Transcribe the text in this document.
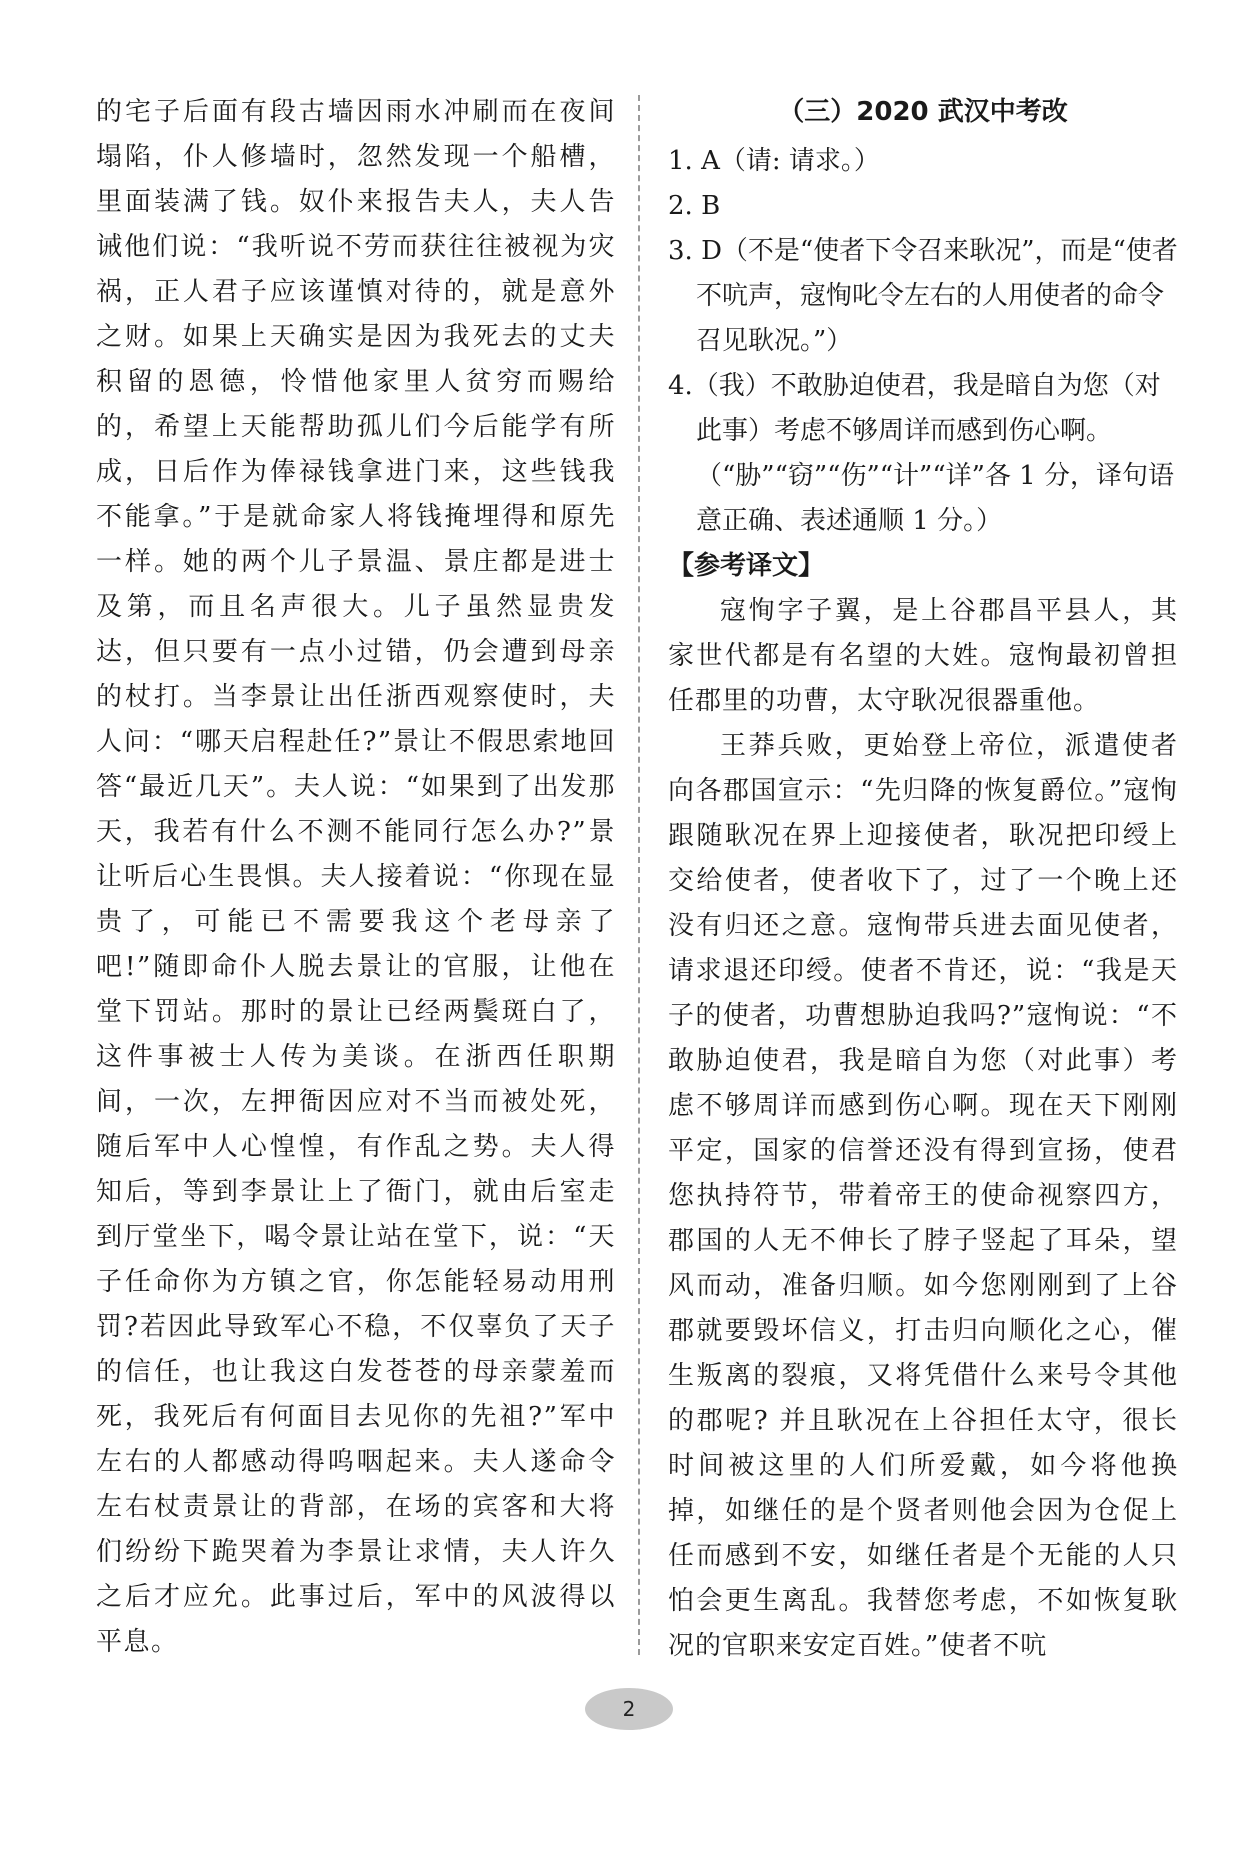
的宅子后面有段古墙因雨水冲刷而在夜间塌陷，仆人修墙时，忽然发现一个船槽，里面装满了钱。奴仆来报告夫人，夫人告诫他们说：“我听说不劳而获往往被视为灾祸，正人君子应该谨慎对待的，就是意外之财。如果上天确实是因为我死去的丈夫积留的恩德，怜惜他家里人贫穷而赐给的，希望上天能帮助孤儿们今后能学有所成，日后作为俸禄钱拿进门来，这些钱我不能拿。”于是就命家人将钱掩埋得和原先一样。她的两个儿子景温、景庄都是进士及第，而且名声很大。儿子虽然显贵发达，但只要有一点小过错，仍会遭到母亲的杖打。当李景让出任浙西观察使时，夫人问：“哪天启程赴任?”景让不假思索地回答“最近几天”。夫人说：“如果到了出发那天，我若有什么不测不能同行怎么办?”景让听后心生畏惧。夫人接着说：“你现在显贵了，可能已不需要我这个老母亲了吧!”随即命仆人脱去景让的官服，让他在堂下罚站。那时的景让已经两鬓斑白了，这件事被士人传为美谈。在浙西任职期间，一次，左押衙因应对不当而被处死，随后军中人心惶惶，有作乱之势。夫人得知后，等到李景让上了衙门，就由后室走到厅堂坐下，喝令景让站在堂下，说：“天子任命你为方镇之官，你怎能轻易动用刑罚?若因此导致军心不稳，不仅辜负了天子的信任，也让我这白发苍苍的母亲蒙羞而死，我死后有何面目去见你的先祖?”军中左右的人都感动得呜咽起来。夫人遂命令左右杖责景让的背部，在场的宾客和大将们纷纷下跪哭着为李景让求情，夫人许久之后才应允。此事过后，军中的风波得以平息。

（三）2020 武汉中考改

1. A（请: 请求。）

2. B

3. D（不是“使者下令召来耿况”，而是“使者不吭声，寇恂叱令左右的人用使者的命令召见耿况。”）

4.（我）不敢胁迫使君，我是暗自为您（对此事）考虑不够周详而感到伤心啊。

（“胁”“窃”“伤”“计”“详”各 1 分，译句语意正确、表述通顺 1 分。）

【参考译文】

寇恂字子翼，是上谷郡昌平县人，其家世代都是有名望的大姓。寇恂最初曾担任郡里的功曹，太守耿况很器重他。

王莽兵败，更始登上帝位，派遣使者向各郡国宣示：“先归降的恢复爵位。”寇恂跟随耿况在界上迎接使者，耿况把印绶上交给使者，使者收下了，过了一个晚上还没有归还之意。寇恂带兵进去面见使者，请求退还印绶。使者不肯还，说：“我是天子的使者，功曹想胁迫我吗?”寇恂说：“不敢胁迫使君，我是暗自为您（对此事）考虑不够周详而感到伤心啊。现在天下刚刚平定，国家的信誉还没有得到宣扬，使君您执持符节，带着帝王的使命视察四方，郡国的人无不伸长了脖子竖起了耳朵，望风而动，准备归顺。如今您刚刚到了上谷郡就要毁坏信义，打击归向顺化之心，催生叛离的裂痕，又将凭借什么来号令其他的郡呢? 并且耿况在上谷担任太守，很长时间被这里的人们所爱戴，如今将他换掉，如继任的是个贤者则他会因为仓促上任而感到不安，如继任者是个无能的人只怕会更生离乱。我替您考虑，不如恢复耿况的官职来安定百姓。”使者不吭

2
